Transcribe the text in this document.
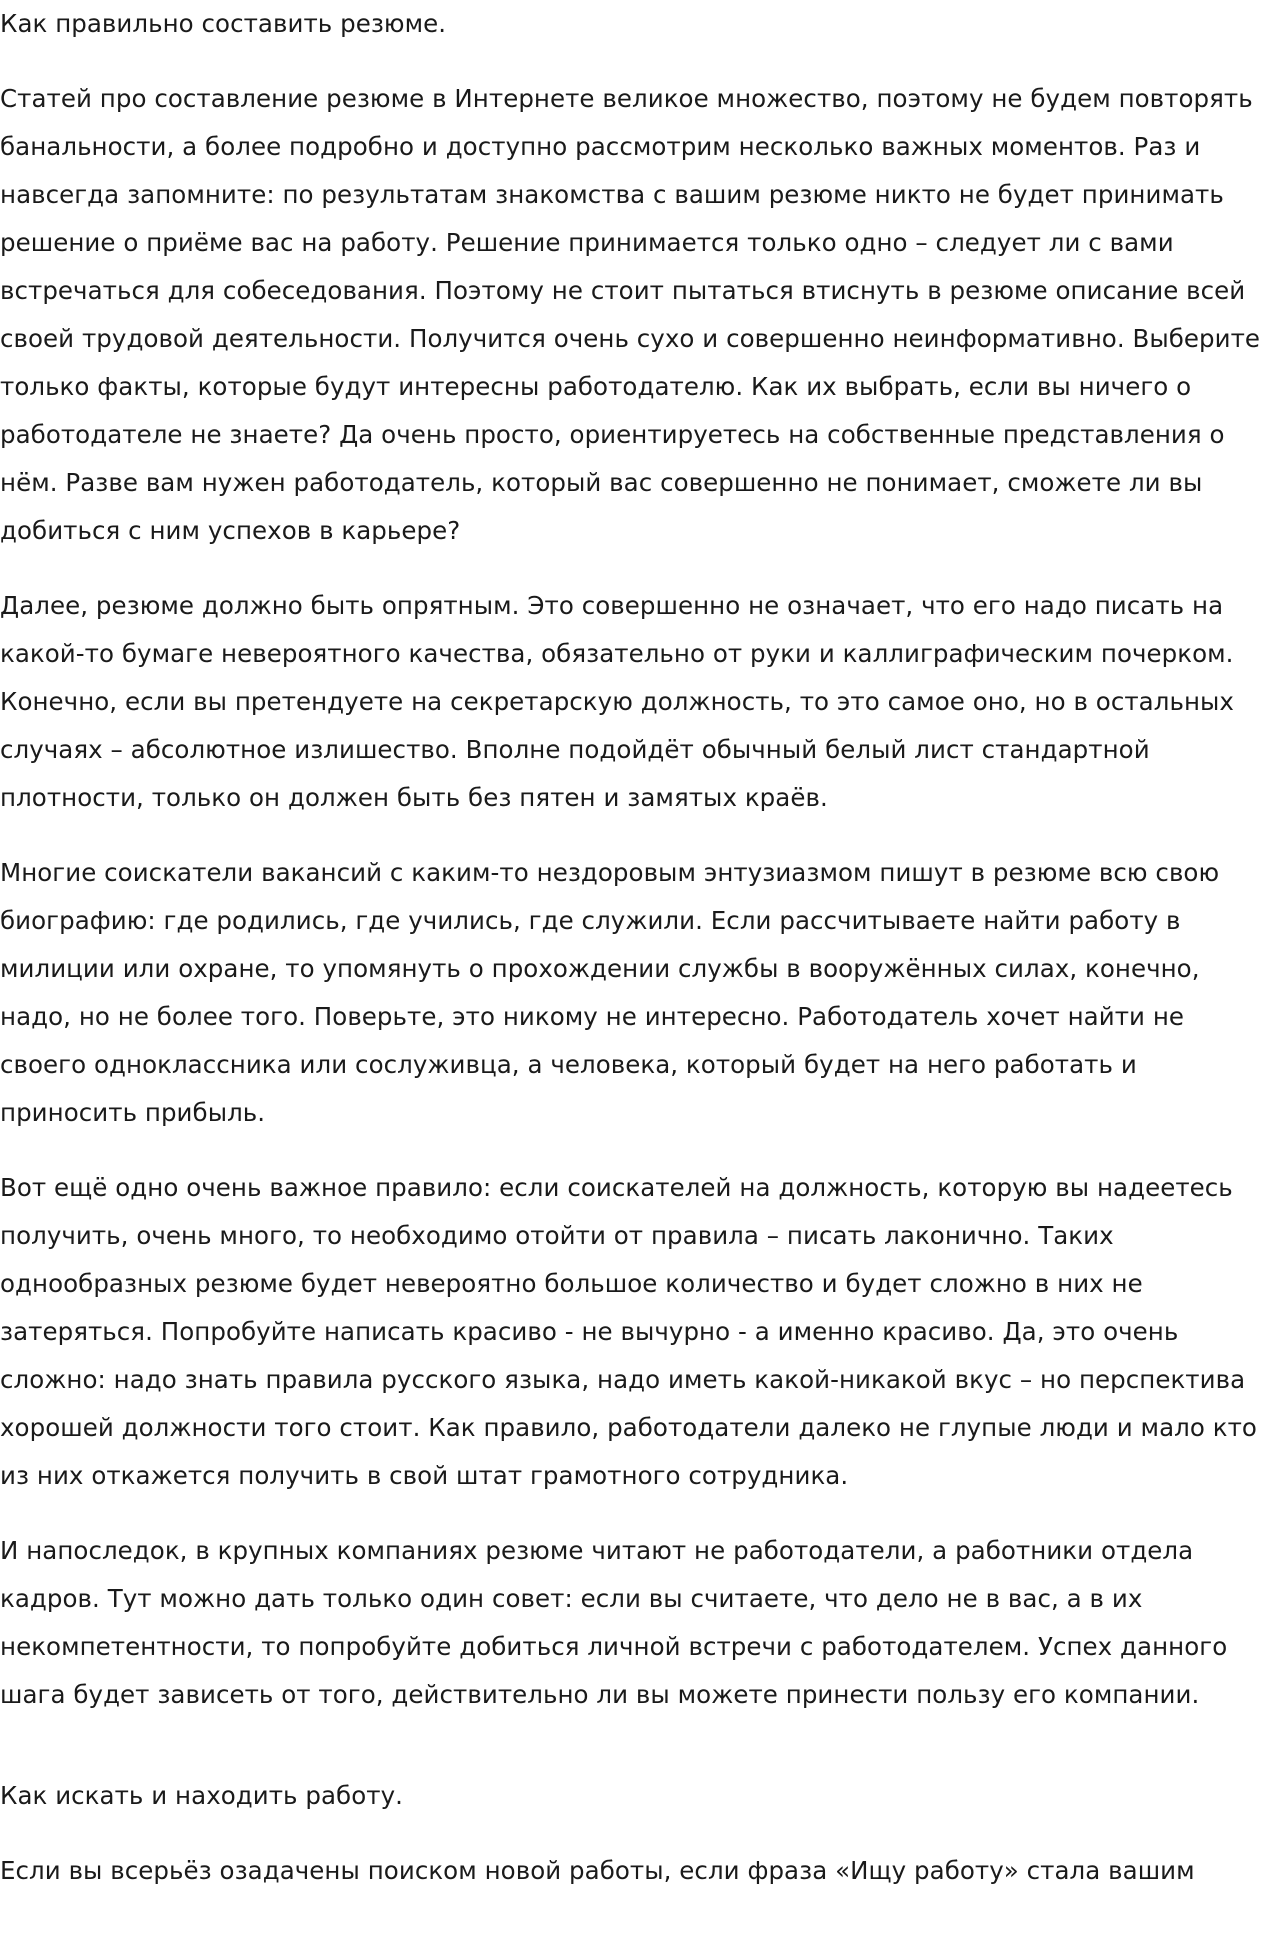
Как правильно составить резюме.

Статей про составление резюме в Интернете великое множество, поэтому не будем повторять банальности, а более подробно и доступно рассмотрим несколько важных моментов. Раз и навсегда запомните: по результатам знакомства с вашим резюме никто не будет принимать решение о приёме вас на работу. Решение принимается только одно – следует ли с вами встречаться для собеседования. Поэтому не стоит пытаться втиснуть в резюме описание всей своей трудовой деятельности. Получится очень сухо и совершенно неинформативно. Выберите только факты, которые будут интересны работодателю. Как их выбрать, если вы ничего о работодателе не знаете? Да очень просто, ориентируетесь на собственные представления о нём. Разве вам нужен работодатель, который вас совершенно не понимает, сможете ли вы добиться с ним успехов в карьере?

Далее, резюме должно быть опрятным. Это совершенно не означает, что его надо писать на какой-то бумаге невероятного качества, обязательно от руки и каллиграфическим почерком. Конечно, если вы претендуете на секретарскую должность, то это самое оно, но в остальных случаях – абсолютное излишество. Вполне подойдёт обычный белый лист стандартной плотности, только он должен быть без пятен и замятых краёв.

Многие соискатели вакансий с каким-то нездоровым энтузиазмом пишут в резюме всю свою биографию: где родились, где учились, где служили. Если рассчитываете найти работу в милиции или охране, то упомянуть о прохождении службы в вооружённых силах, конечно, надо, но не более того. Поверьте, это никому не интересно. Работодатель хочет найти не своего одноклассника или сослуживца, а человека, который будет на него работать и приносить прибыль.

Вот ещё одно очень важное правило: если соискателей на должность, которую вы надеетесь получить, очень много, то необходимо отойти от правила – писать лаконично. Таких однообразных резюме будет невероятно большое количество и будет сложно в них не затеряться. Попробуйте написать красиво - не вычурно - а именно красиво. Да, это очень сложно: надо знать правила русского языка, надо иметь какой-никакой вкус – но перспектива хорошей должности того стоит. Как правило, работодатели далеко не глупые люди и мало кто из них откажется получить в свой штат грамотного сотрудника.

И напоследок, в крупных компаниях резюме читают не работодатели, а работники отдела кадров. Тут можно дать только один совет: если вы считаете, что дело не в вас, а в их некомпетентности, то попробуйте добиться личной встречи с работодателем. Успех данного шага будет зависеть от того, действительно ли вы можете принести пользу его компании.

Как искать и находить работу.

Если вы всерьёз озадачены поиском новой работы, если фраза «Ищу работу» стала вашим
